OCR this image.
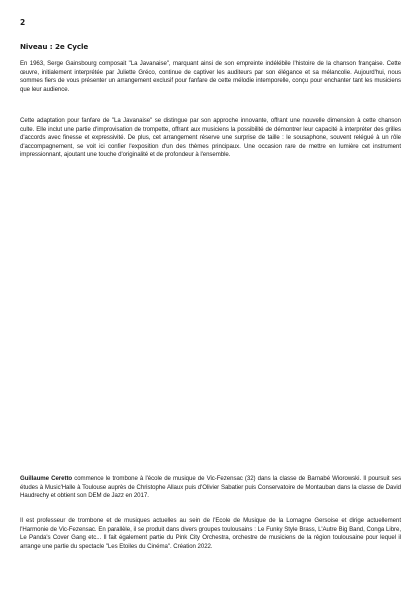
2
Niveau : 2e Cycle

En 1963, Serge Gainsbourg composait "La Javanaise", marquant ainsi de son empreinte indélébile l'histoire de la chanson française. Cette œuvre, initialement interprétée par Juliette Gréco, continue de captiver les auditeurs par son élégance et sa mélancolie. Aujourd'hui, nous sommes fiers de vous présenter un arrangement exclusif pour fanfare de cette mélodie intemporelle, conçu pour enchanter tant les musiciens que leur audience.

Cette adaptation pour fanfare de "La Javanaise" se distingue par son approche innovante, offrant une nouvelle dimension à cette chanson culte. Elle inclut une partie d'improvisation de trompette, offrant aux musiciens la possibilité de démontrer leur capacité à interpréter des grilles d'accords avec finesse et expressivité. De plus, cet arrangement réserve une surprise de taille : le sousaphone, souvent relégué à un rôle d'accompagnement, se voit ici confier l'exposition d'un des thèmes principaux. Une occasion rare de mettre en lumière cet instrument impressionnant, ajoutant une touche d'originalité et de profondeur à l'ensemble.

Guillaume Ceretto commence le trombone à l'école de musique de Vic-Fezensac (32) dans la classe de Barnabé Wiorowski. Il poursuit ses études à Music'Halle à Toulouse auprès de Christophe Allaux puis d'Olivier Sabatier puis Conservatoire de Montauban dans la classe de David Haudrechy et obtient son DEM de Jazz en 2017.

Il est professeur de trombone et de musiques actuelles au sein de l'Ecole de Musique de la Lomagne Gersoise et dirige actuellement l'Harmonie de Vic-Fezensac. En parallèle, il se produit dans divers groupes toulousains : Le Funky Style Brass, L'Autre Big Band, Conga Libre, Le Panda's Cover Gang etc... Il fait également partie du Pink City Orchestra, orchestre de musiciens de la région toulousaine pour lequel il arrange une partie du spectacle "Les Etoiles du Cinéma". Création 2022.
